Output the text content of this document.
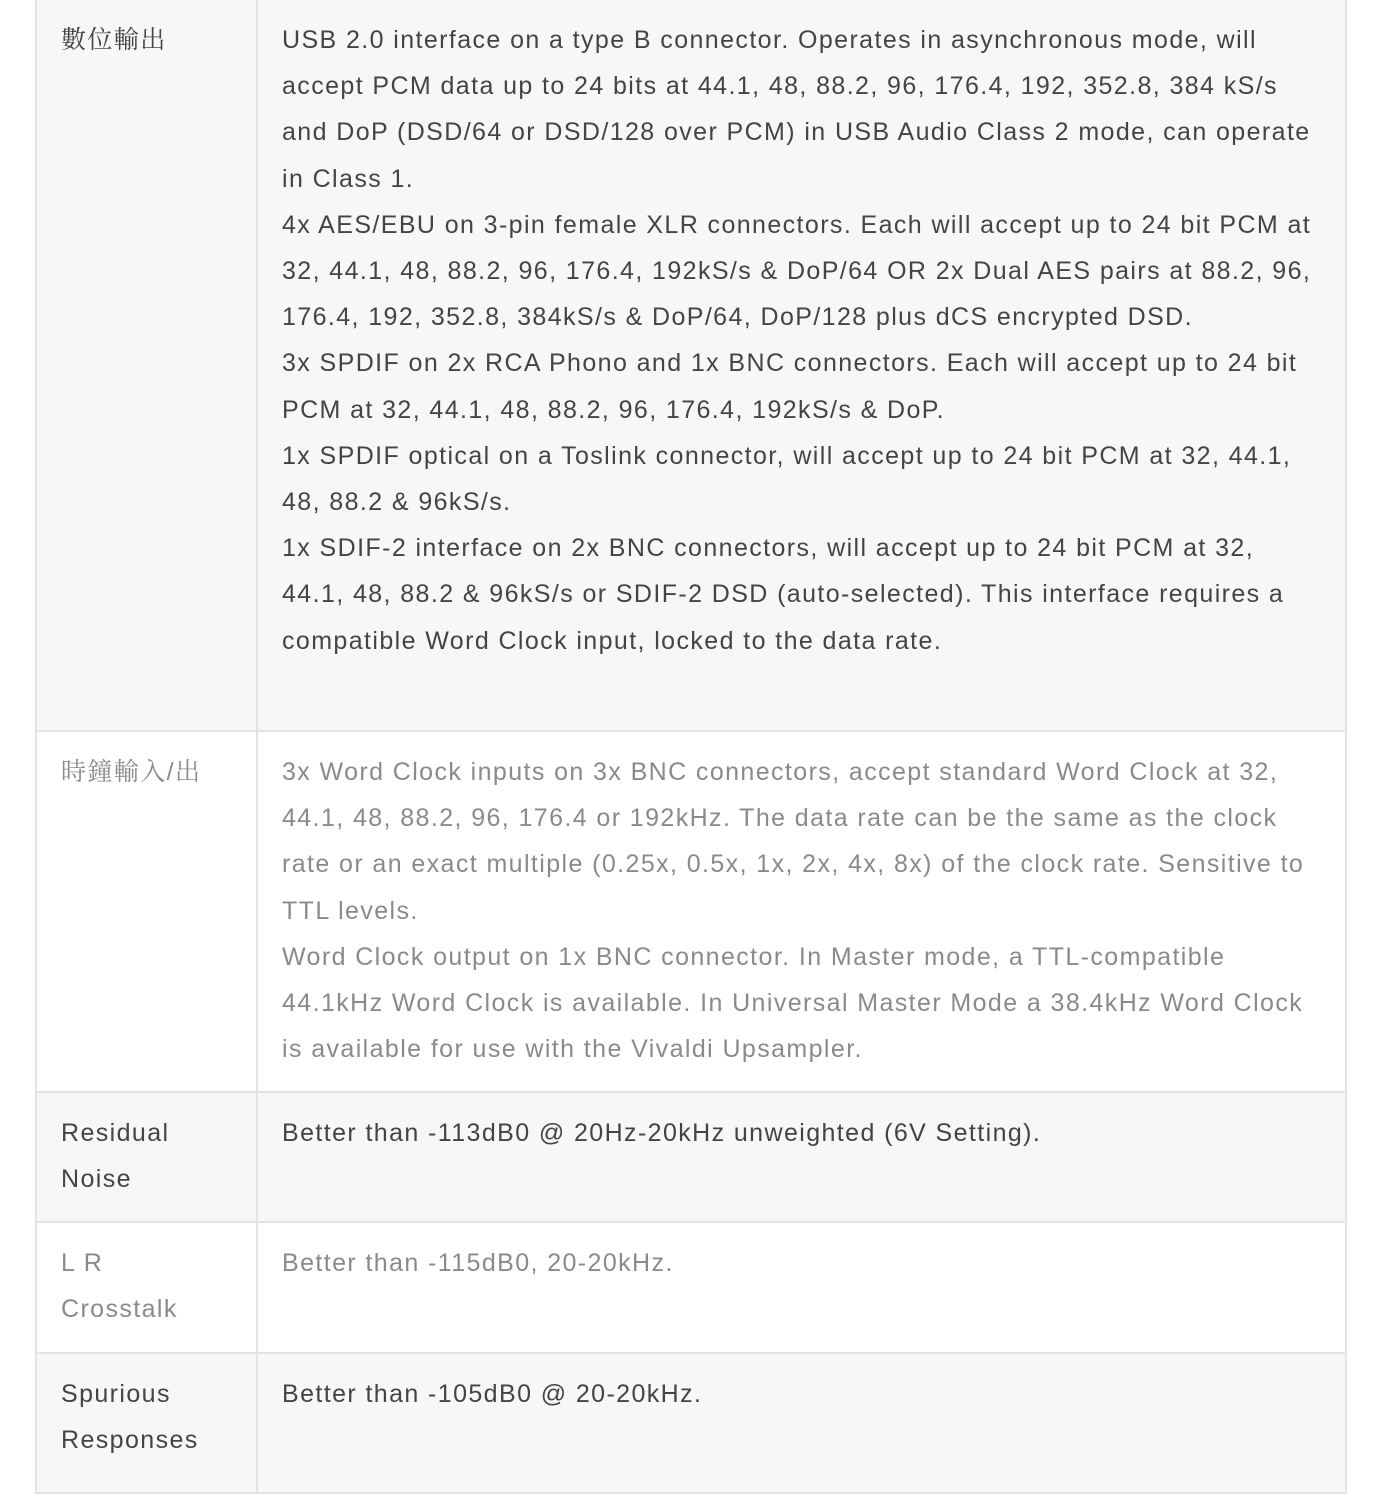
數位輸出	USB 2.0 interface on a type B connector. Operates in asynchronous mode, will accept PCM data up to 24 bits at 44.1, 48, 88.2, 96, 176.4, 192, 352.8, 384 kS/s and DoP (DSD/64 or DSD/128 over PCM) in USB Audio Class 2 mode, can operate in Class 1.
4x AES/EBU on 3-pin female XLR connectors. Each will accept up to 24 bit PCM at 32, 44.1, 48, 88.2, 96, 176.4, 192kS/s & DoP/64 OR 2x Dual AES pairs at 88.2, 96, 176.4, 192, 352.8, 384kS/s & DoP/64, DoP/128 plus dCS encrypted DSD.
3x SPDIF on 2x RCA Phono and 1x BNC connectors. Each will accept up to 24 bit PCM at 32, 44.1, 48, 88.2, 96, 176.4, 192kS/s & DoP.
1x SPDIF optical on a Toslink connector, will accept up to 24 bit PCM at 32, 44.1, 48, 88.2 & 96kS/s.
1x SDIF-2 interface on 2x BNC connectors, will accept up to 24 bit PCM at 32, 44.1, 48, 88.2 & 96kS/s or SDIF-2 DSD (auto-selected). This interface requires a compatible Word Clock input, locked to the data rate.

時鐘輸入/出	3x Word Clock inputs on 3x BNC connectors, accept standard Word Clock at 32, 44.1, 48, 88.2, 96, 176.4 or 192kHz. The data rate can be the same as the clock rate or an exact multiple (0.25x, 0.5x, 1x, 2x, 4x, 8x) of the clock rate. Sensitive to TTL levels.
Word Clock output on 1x BNC connector. In Master mode, a TTL-compatible 44.1kHz Word Clock is available. In Universal Master Mode a 38.4kHz Word Clock is available for use with the Vivaldi Upsampler.

Residual
Noise	Better than -113dB0 @ 20Hz-20kHz unweighted (6V Setting).

L R
Crosstalk	Better than -115dB0, 20-20kHz.

Spurious
Responses	Better than -105dB0 @ 20-20kHz.
